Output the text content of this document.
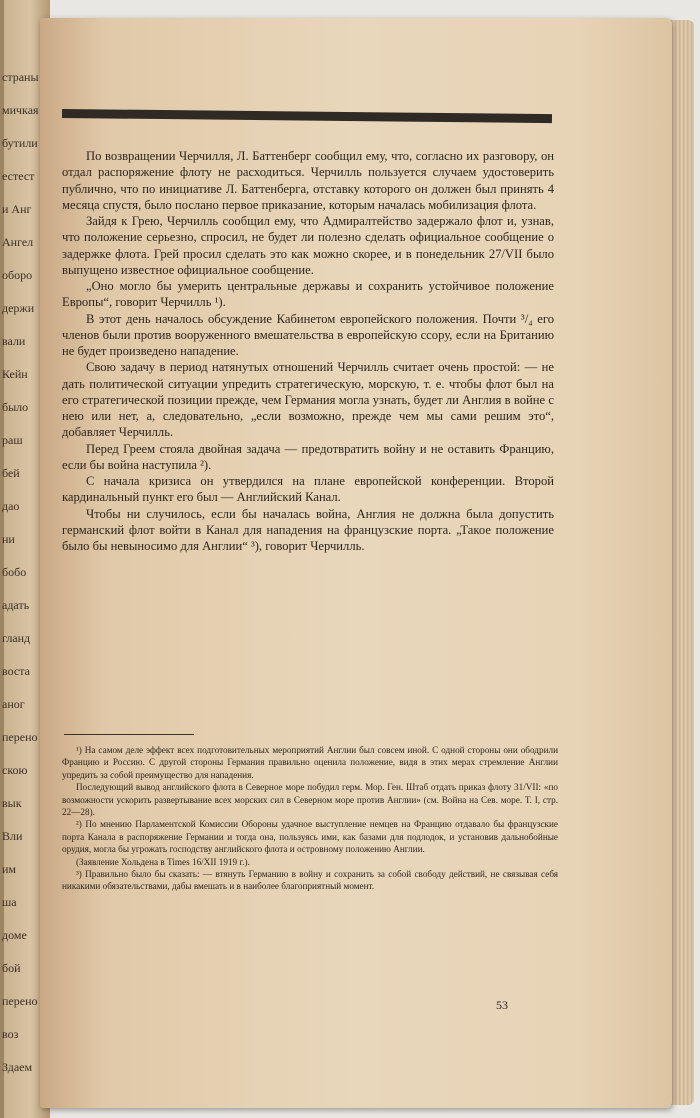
страны
мичкая
бутили
естест
и Анг
Ангел
оборо
держи
вали
Кейн
было
раш
бей
дао
ни
бобо
адать
гланд
воста
аног
перено
скою
вык
Вли
им
ша
доме
бой
перено
воз
Здаем

По возвращении Черчилля, Л. Баттенберг сообщил ему, что, согласно их разговору, он отдал распоряжение флоту не расходиться. Черчилль пользуется случаем удостоверить публично, что по инициативе Л. Баттенберга, отставку которого он должен был принять 4 месяца спустя, было послано первое приказание, которым началась мобилизация флота.

Зайдя к Грею, Черчилль сообщил ему, что Адмиралтейство задержало флот и, узнав, что положение серьезно, спросил, не будет ли полезно сделать официальное сообщение о задержке флота. Грей просил сделать это как можно скорее, и в понедельник 27/VII было выпущено известное официальное сообщение.

„Оно могло бы умерить центральные державы и сохранить устойчивое положение Европы“, говорит Черчилль ¹).

В этот день началось обсуждение Кабинетом европейского положения. Почти ³/₄ его членов были против вооруженного вмешательства в европейскую ссору, если на Британию не будет произведено нападение.

Свою задачу в период натянутых отношений Черчилль считает очень простой: — не дать политической ситуации упредить стратегическую, морскую, т. е. чтобы флот был на его стратегической позиции прежде, чем Германия могла узнать, будет ли Англия в войне с нею или нет, а, следовательно, „если возможно, прежде чем мы сами решим это“, добавляет Черчилль.

Перед Греем стояла двойная задача — предотвратить войну и не оставить Францию, если бы война наступила ²).

С начала кризиса он утвердился на плане европейской конференции. Второй кардинальный пункт его был — Английский Канал.

Чтобы ни случилось, если бы началась война, Англия не должна была допустить германский флот войти в Канал для нападения на французские порта. „Такое положение было бы невыносимо для Англии“ ³), говорит Черчилль.

¹) На самом деле эффект всех подготовительных мероприятий Англии был совсем иной. С одной стороны они ободрили Францию и Россию. С другой стороны Германия правильно оценила положение, видя в этих мерах стремление Англии упредить за собой преимущество для нападения.

Последующий вывод английского флота в Северное море побудил герм. Мор. Ген. Штаб отдать приказ флоту 31/VII: «по возможности ускорить развертывание всех морских сил в Северном море против Англии» (см. Война на Сев. море. Т. I, стр. 22—28).

²) По мнению Парламентской Комиссии Обороны удачное выступление немцев на Францию отдавало бы французские порта Канала в распоряжение Германии и тогда она, пользуясь ими, как базами для подлодок, и установив дальнобойные орудия, могла бы угрожать господству английского флота и островному положению Англии.

(Заявление Хольдена в Times 16/XII 1919 г.).

³) Правильно было бы сказать: — втянуть Германию в войну и сохранить за собой свободу действий, не связывая себя никакими обязательствами, дабы вмешать и в наиболее благоприятный момент.

53
